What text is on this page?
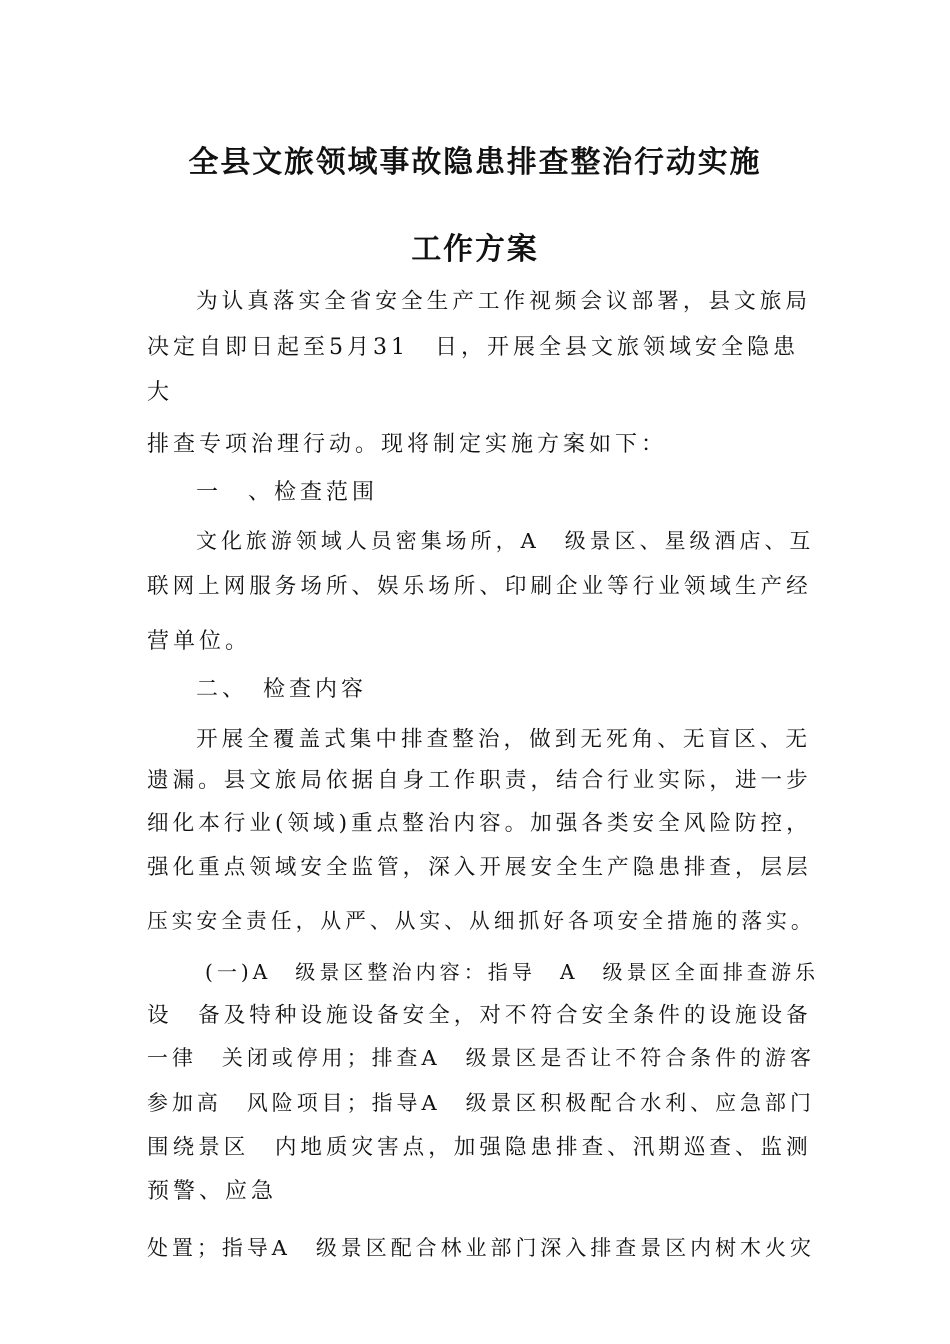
全县文旅领域事故隐患排查整治行动实施
工作方案
为认真落实全省安全生产工作视频会议部署，县文旅局
决定自即日起至5月31　日，开展全县文旅领域安全隐患
大
排查专项治理行动。现将制定实施方案如下：
一　、检查范围
文化旅游领域人员密集场所，A　级景区、星级酒店、互
联网上网服务场所、娱乐场所、印刷企业等行业领域生产经
营单位。
二、　检查内容
开展全覆盖式集中排查整治，做到无死角、无盲区、无
遗漏。县文旅局依据自身工作职责，结合行业实际，进一步
细化本行业(领域)重点整治内容。加强各类安全风险防控，
强化重点领域安全监管，深入开展安全生产隐患排查，层层
压实安全责任，从严、从实、从细抓好各项安全措施的落实。
(一)A　级景区整治内容：指导　A　级景区全面排查游乐
设　备及特种设施设备安全，对不符合安全条件的设施设备
一律　关闭或停用；排查A　级景区是否让不符合条件的游客
参加高　风险项目；指导A　级景区积极配合水利、应急部门
围绕景区　内地质灾害点，加强隐患排查、汛期巡查、监测
预警、应急
处置；指导A　级景区配合林业部门深入排查景区内树木火灾
